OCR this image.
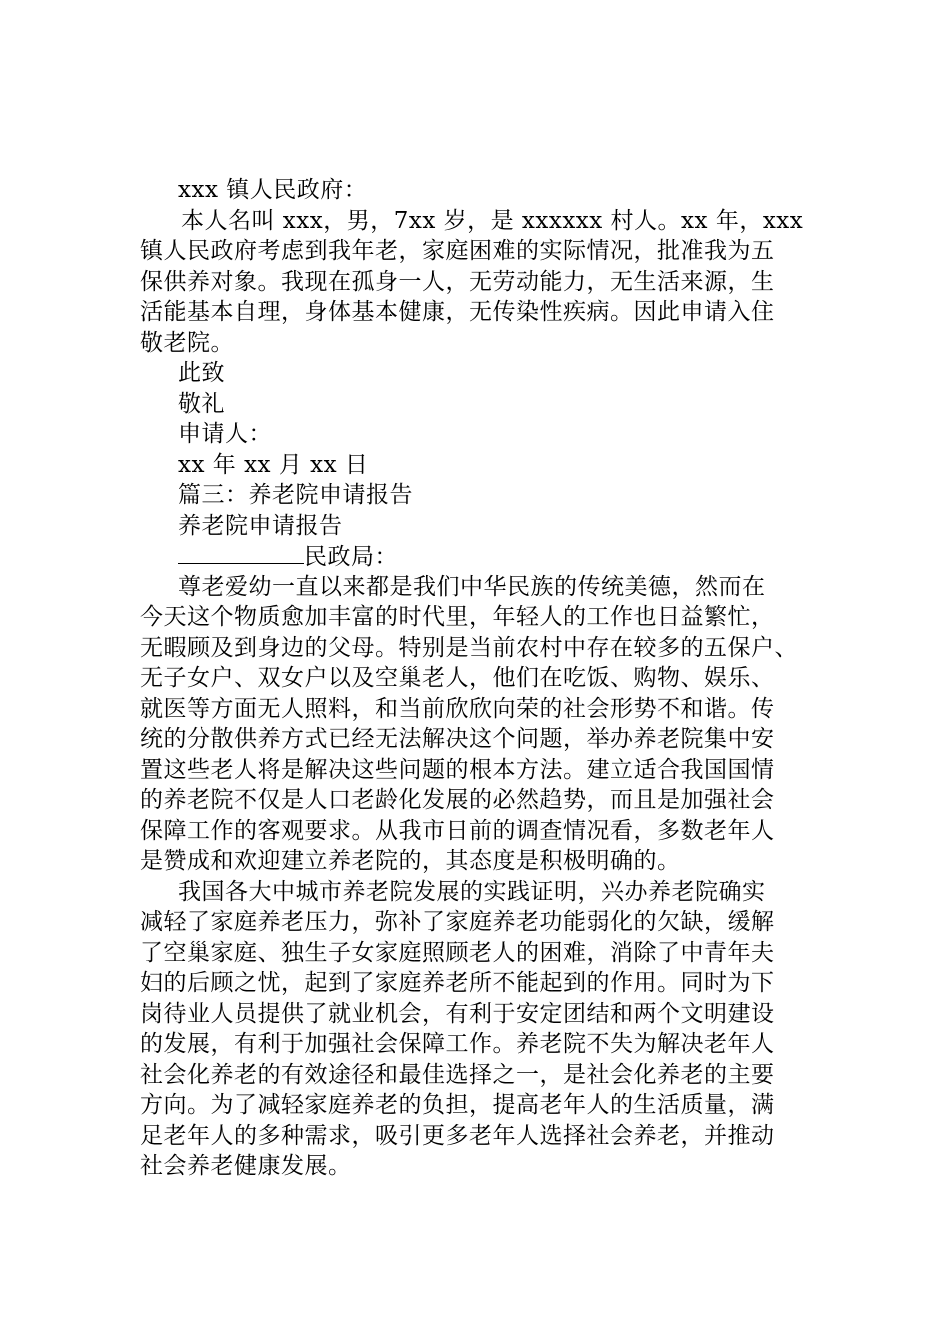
xxx 镇人民政府：
本人名叫 xxx，男，7xx 岁，是 xxxxxx 村人。xx 年，xxx
镇人民政府考虑到我年老，家庭困难的实际情况，批准我为五
保供养对象。我现在孤身一人，无劳动能力，无生活来源，生
活能基本自理，身体基本健康，无传染性疾病。因此申请入住
敬老院。
此致
敬礼
申请人：
xx 年 xx 月 xx 日
篇三：养老院申请报告
养老院申请报告
民政局：
尊老爱幼一直以来都是我们中华民族的传统美德，然而在
今天这个物质愈加丰富的时代里，年轻人的工作也日益繁忙，
无暇顾及到身边的父母。特别是当前农村中存在较多的五保户、
无子女户、双女户以及空巢老人，他们在吃饭、购物、娱乐、
就医等方面无人照料，和当前欣欣向荣的社会形势不和谐。传
统的分散供养方式已经无法解决这个问题，举办养老院集中安
置这些老人将是解决这些问题的根本方法。建立适合我国国情
的养老院不仅是人口老龄化发展的必然趋势，而且是加强社会
保障工作的客观要求。从我市日前的调查情况看，多数老年人
是赞成和欢迎建立养老院的，其态度是积极明确的。
我国各大中城市养老院发展的实践证明，兴办养老院确实
减轻了家庭养老压力，弥补了家庭养老功能弱化的欠缺，缓解
了空巢家庭、独生子女家庭照顾老人的困难，消除了中青年夫
妇的后顾之忧，起到了家庭养老所不能起到的作用。同时为下
岗待业人员提供了就业机会，有利于安定团结和两个文明建设
的发展，有利于加强社会保障工作。养老院不失为解决老年人
社会化养老的有效途径和最佳选择之一，是社会化养老的主要
方向。为了减轻家庭养老的负担，提高老年人的生活质量，满
足老年人的多种需求，吸引更多老年人选择社会养老，并推动
社会养老健康发展。
